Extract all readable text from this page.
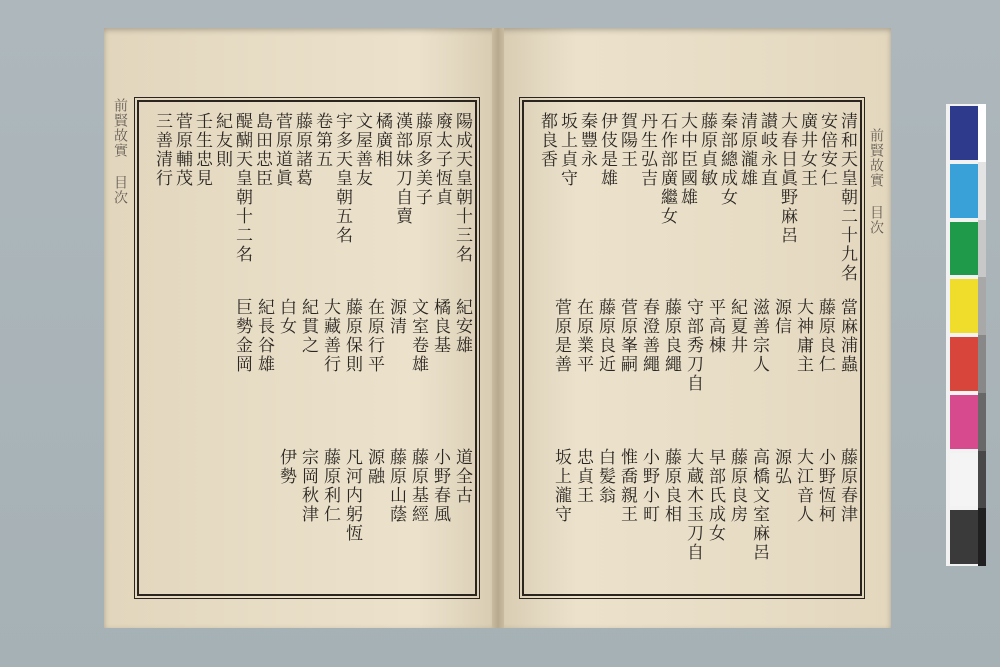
前賢故實 目次	前賢故實 目次
陽成天皇朝十三名
廢太子恆貞
藤原多美子
漢部妹刀自賣
橘廣相
文屋善友
宇多天皇朝五名
卷第五
藤原諸葛
菅原道眞
島田忠臣
醍醐天皇朝十二名
紀友則
壬生忠見
菅原輔茂
三善清行
紀安雄
橘良基
文室卷雄
源清
在原行平
藤原保則
大藏善行
紀貫之
白女
紀長谷雄
巨勢金岡
道全古
小野春風
藤原基經
藤原山蔭
源融
凡河内躬恆
藤原利仁
宗岡秋津
伊勢
清和天皇朝二十九名
安倍安仁
廣井女王
大春日眞野麻呂
讃岐永直
清原瀧雄
秦部總成女
藤原貞敏
大中臣國雄
石作部廣繼女
丹生弘吉
賀陽王
伊伎是雄
秦豐永
坂上貞守
都良香
當麻浦蟲
藤原良仁
大神庸主
源信
滋善宗人
紀夏井
平高棟
守部秀刀自
藤原良繩
春澄善繩
菅原峯嗣
藤原良近
在原業平
菅原是善
藤原春津
小野恆柯
大江音人
源弘
高橋文室麻呂
藤原良房
早部氏成女
大蔵木玉刀自
藤原良相
小野小町
惟喬親王
白髪翁
忠貞王
坂上瀧守
